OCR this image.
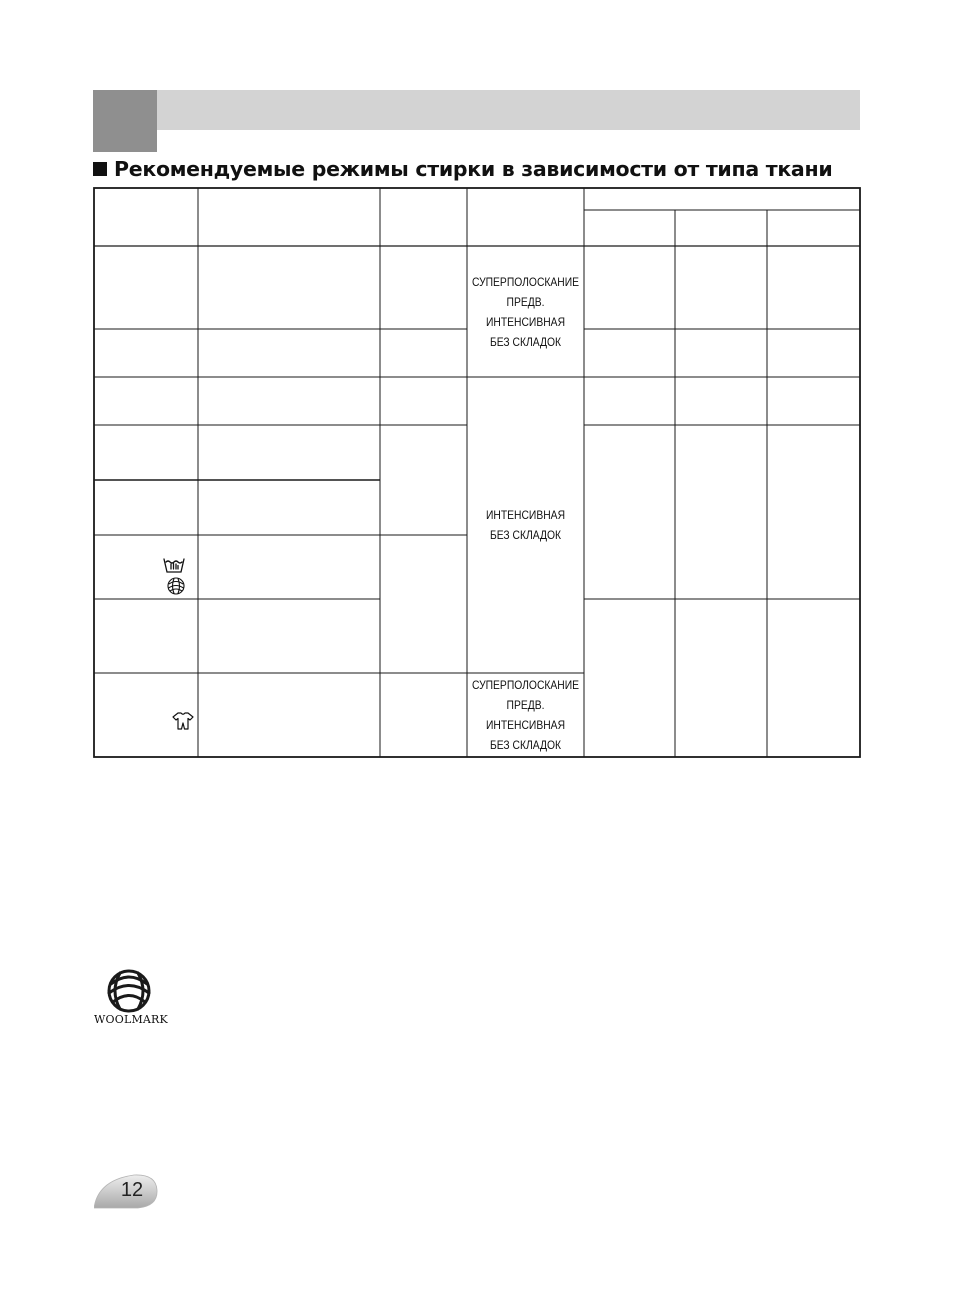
Рекомендуемые режимы стирки в зависимости от типа ткани
СУПЕРПОЛОСКАНИЕ
ПРЕДВ.
ИНТЕНСИВНАЯ
БЕЗ СКЛАДОК
ИНТЕНСИВНАЯ
БЕЗ СКЛАДОК
СУПЕРПОЛОСКАНИЕ
ПРЕДВ.
ИНТЕНСИВНАЯ
БЕЗ СКЛАДОК
WOOLMARK
12
